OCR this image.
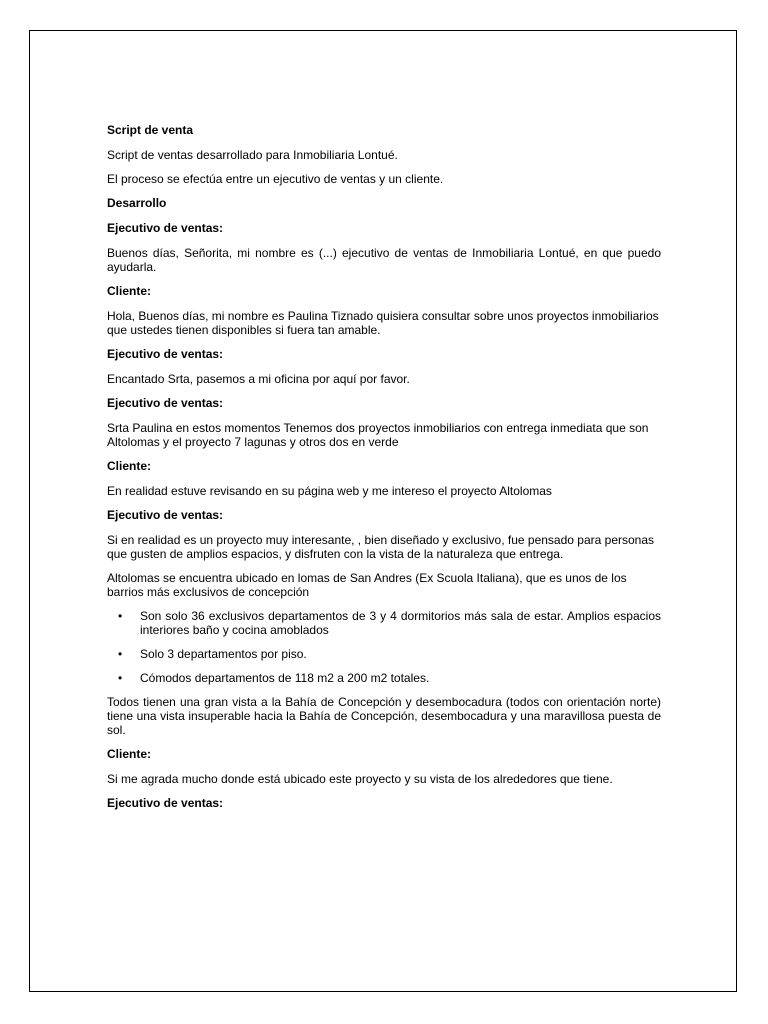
Script de venta

Script de ventas desarrollado para Inmobiliaria Lontué.

El proceso se efectúa entre un ejecutivo de ventas y un cliente.

Desarrollo

Ejecutivo de ventas:

Buenos días, Señorita, mi nombre es (...) ejecutivo de ventas de Inmobiliaria Lontué, en que puedo ayudarla.

Cliente:

Hola, Buenos días, mi nombre es Paulina Tiznado quisiera consultar sobre unos proyectos inmobiliarios que ustedes tienen disponibles si fuera tan amable.

Ejecutivo de ventas:

Encantado Srta, pasemos a mi oficina por aquí por favor.

Ejecutivo de ventas:

Srta Paulina en estos momentos Tenemos dos proyectos inmobiliarios con entrega inmediata que son Altolomas y el proyecto 7 lagunas y otros dos en verde

Cliente:

En realidad estuve revisando en su página web y me intereso el proyecto Altolomas

Ejecutivo de ventas:

Si en realidad es un proyecto muy interesante, , bien diseñado y exclusivo, fue pensado para personas que gusten de amplios espacios, y disfruten con la vista de la naturaleza que entrega.

Altolomas se encuentra ubicado en lomas de San Andres (Ex Scuola Italiana), que es unos de los barrios más exclusivos de concepción

• Son solo 36 exclusivos departamentos de 3 y 4 dormitorios más sala de estar. Amplios espacios interiores baño y cocina amoblados
• Solo 3 departamentos por piso.
• Cómodos departamentos de 118 m2 a 200 m2 totales.

Todos tienen una gran vista a la Bahía de Concepción y desembocadura (todos con orientación norte) tiene una vista insuperable hacia la Bahía de Concepción, desembocadura y una maravillosa puesta de sol.

Cliente:

Si me agrada mucho donde está ubicado este proyecto y su vista de los alrededores que tiene.

Ejecutivo de ventas:
